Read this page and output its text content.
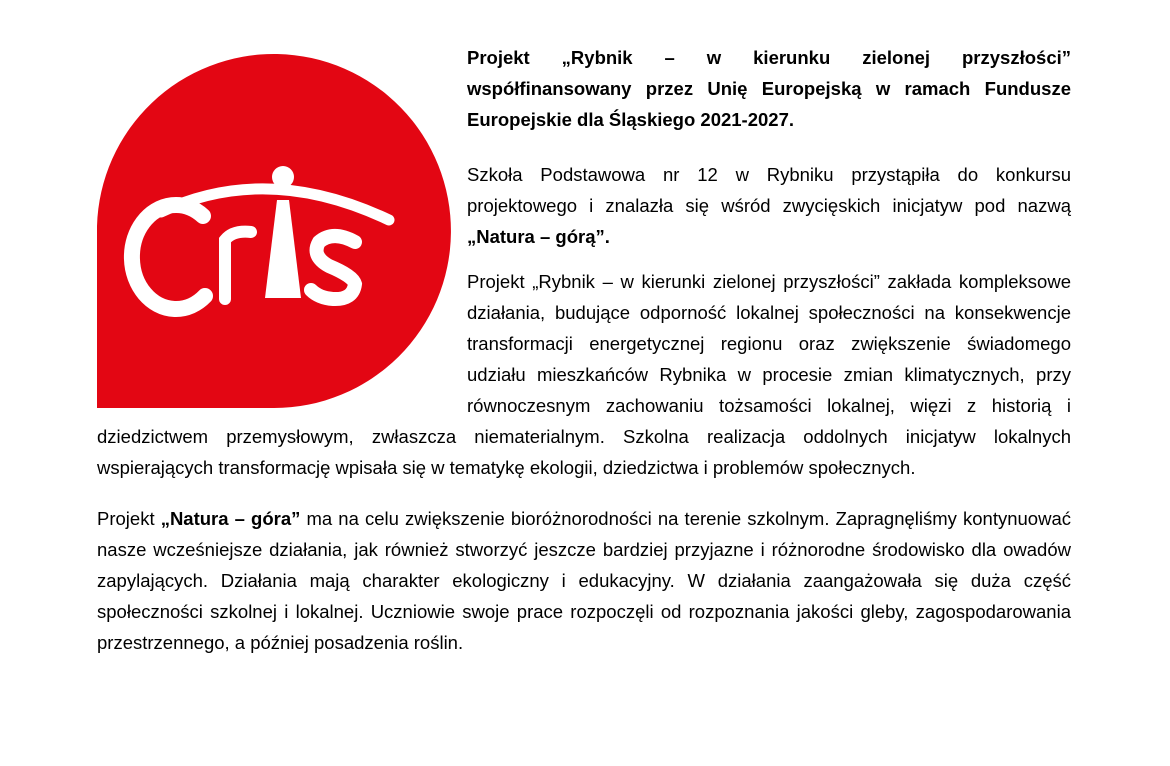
Projekt „Rybnik – w kierunku zielonej przyszłości” współfinansowany przez Unię Europejską w ramach Fundusze Europejskie dla Śląskiego 2021-2027.

Szkoła Podstawowa nr 12 w Rybniku przystąpiła do konkursu projektowego i znalazła się wśród zwycięskich inicjatyw pod nazwą „Natura – górą”.

Projekt „Rybnik – w kierunki zielonej przyszłości” zakłada kompleksowe działania, budujące odporność lokalnej społeczności na konsekwencje transformacji energetycznej regionu oraz zwiększenie świadomego udziału mieszkańców Rybnika w procesie zmian klimatycznych, przy równoczesnym zachowaniu tożsamości lokalnej, więzi z historią i dziedzictwem przemysłowym, zwłaszcza niematerialnym. Szkolna realizacja oddolnych inicjatyw lokalnych wspierających transformację wpisała się w tematykę ekologii, dziedzictwa i problemów społecznych.

Projekt „Natura – góra” ma na celu zwiększenie bioróżnorodności na terenie szkolnym. Zapragnęliśmy kontynuować nasze wcześniejsze działania, jak również stworzyć jeszcze bardziej przyjazne i różnorodne środowisko dla owadów zapylających. Działania mają charakter ekologiczny i edukacyjny. W działania zaangażowała się duża część społeczności szkolnej i lokalnej. Uczniowie swoje prace rozpoczęli od rozpoznania jakości gleby, zagospodarowania przestrzennego, a później posadzenia roślin.
